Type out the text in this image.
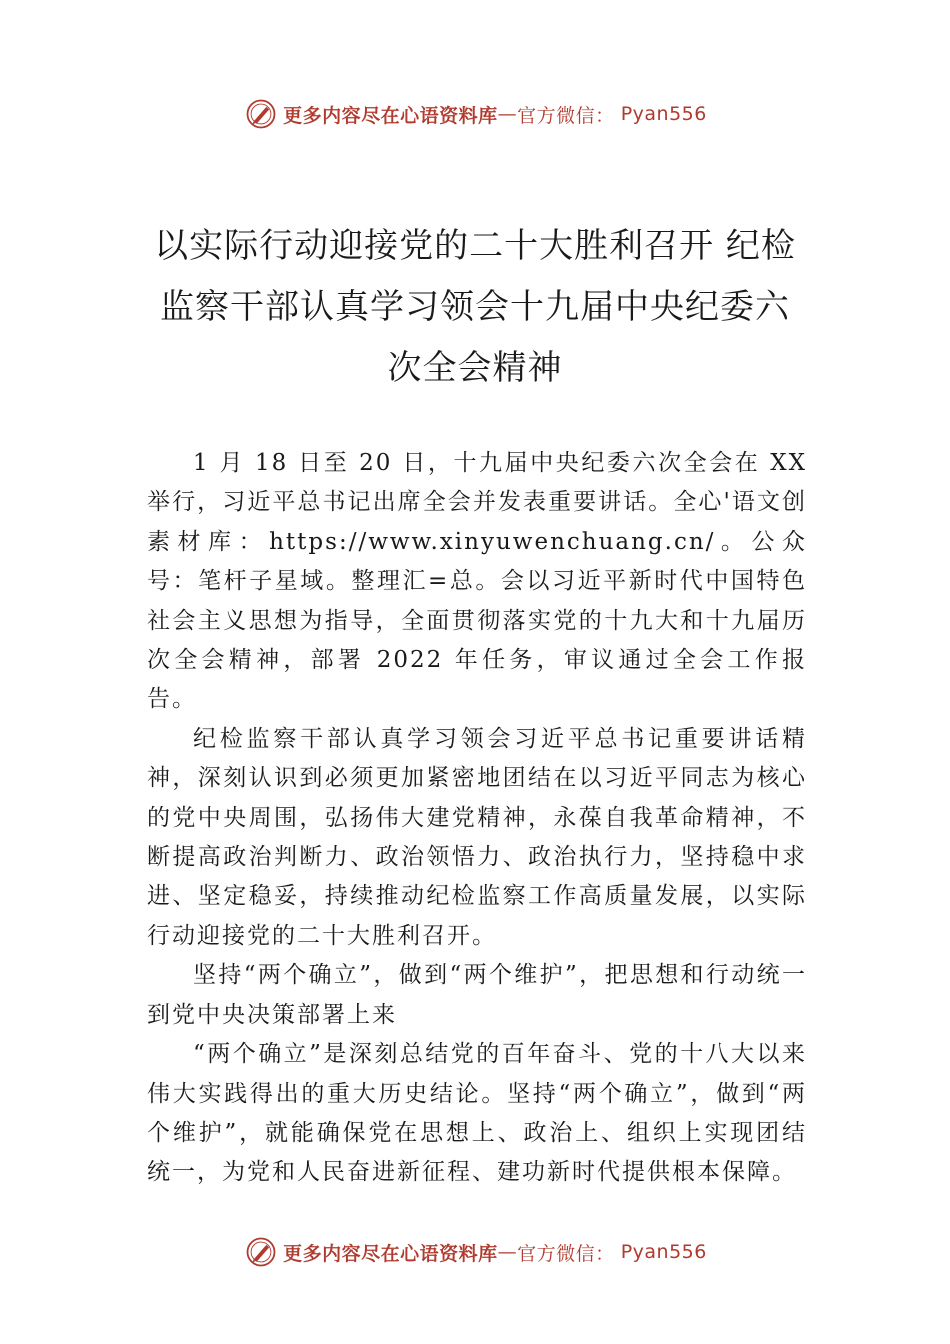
更多内容尽在心语资料库 — 官方微信： Pyan556
以实际行动迎接党的二十大胜利召开 纪检
监察干部认真学习领会十九届中央纪委六
次全会精神

1 月 18 日至 20 日，十九届中央纪委六次全会在 XX 举行，习近平总书记出席全会并发表重要讲话。全心'语文创素材库：https://www.xinyuwenchuang.cn/。公众号：笔杆子星域。整理汇=总。会以习近平新时代中国特色社会主义思想为指导，全面贯彻落实党的十九大和十九届历次全会精神，部署 2022 年任务，审议通过全会工作报告。

纪检监察干部认真学习领会习近平总书记重要讲话精神，深刻认识到必须更加紧密地团结在以习近平同志为核心的党中央周围，弘扬伟大建党精神，永葆自我革命精神，不断提高政治判断力、政治领悟力、政治执行力，坚持稳中求进、坚定稳妥，持续推动纪检监察工作高质量发展，以实际行动迎接党的二十大胜利召开。

坚持“两个确立”，做到“两个维护”，把思想和行动统一到党中央决策部署上来

“两个确立”是深刻总结党的百年奋斗、党的十八大以来伟大实践得出的重大历史结论。坚持“两个确立”，做到“两个维护”，就能确保党在思想上、政治上、组织上实现团结统一，为党和人民奋进新征程、建功新时代提供根本保障。

更多内容尽在心语资料库 — 官方微信： Pyan556
